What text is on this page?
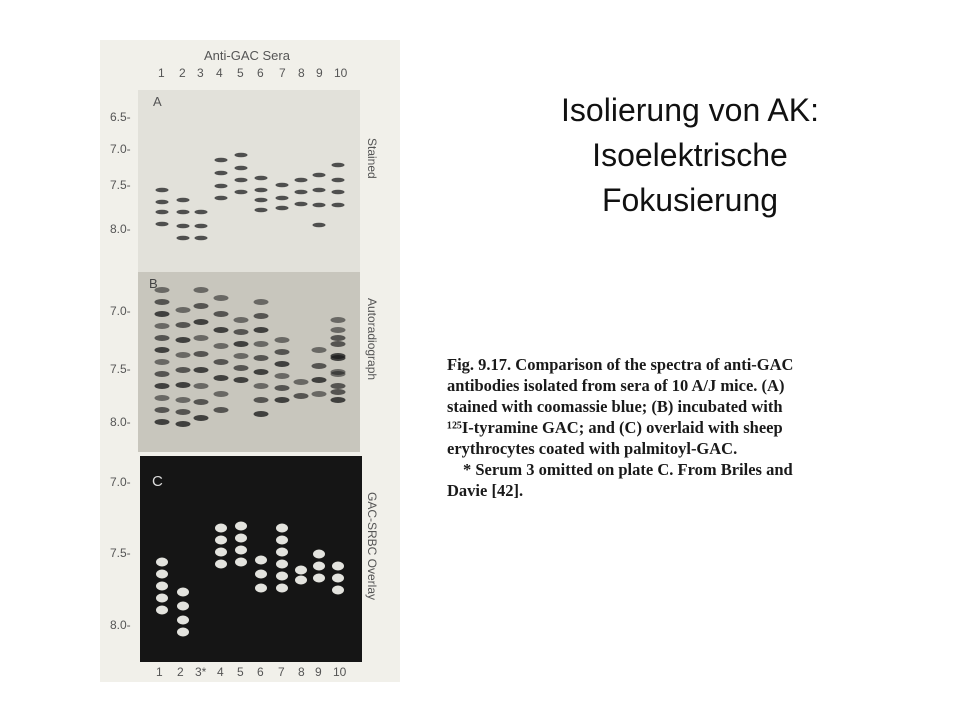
Isolierung von AK:
Isoelektrische
Fokusierung
Anti-GAC Sera
1 2 3 4 5 6 7 8 9 10
A
B
C
6.5-
7.0-
7.5-
8.0-
7.0-
7.5-
8.0-
7.0-
7.5-
8.0-
Stained
Autoradiograph
GAC-SRBC Overlay
1 2 3* 4 5 6 7 8 9 10
Fig. 9.17. Comparison of the spectra of anti-GAC
antibodies isolated from sera of 10 A/J mice. (A)
stained with coomassie blue; (B) incubated with
¹²⁵I-tyramine GAC; and (C) overlaid with sheep
erythrocytes coated with palmitoyl-GAC.
* Serum 3 omitted on plate C. From Briles and
Davie [42].
